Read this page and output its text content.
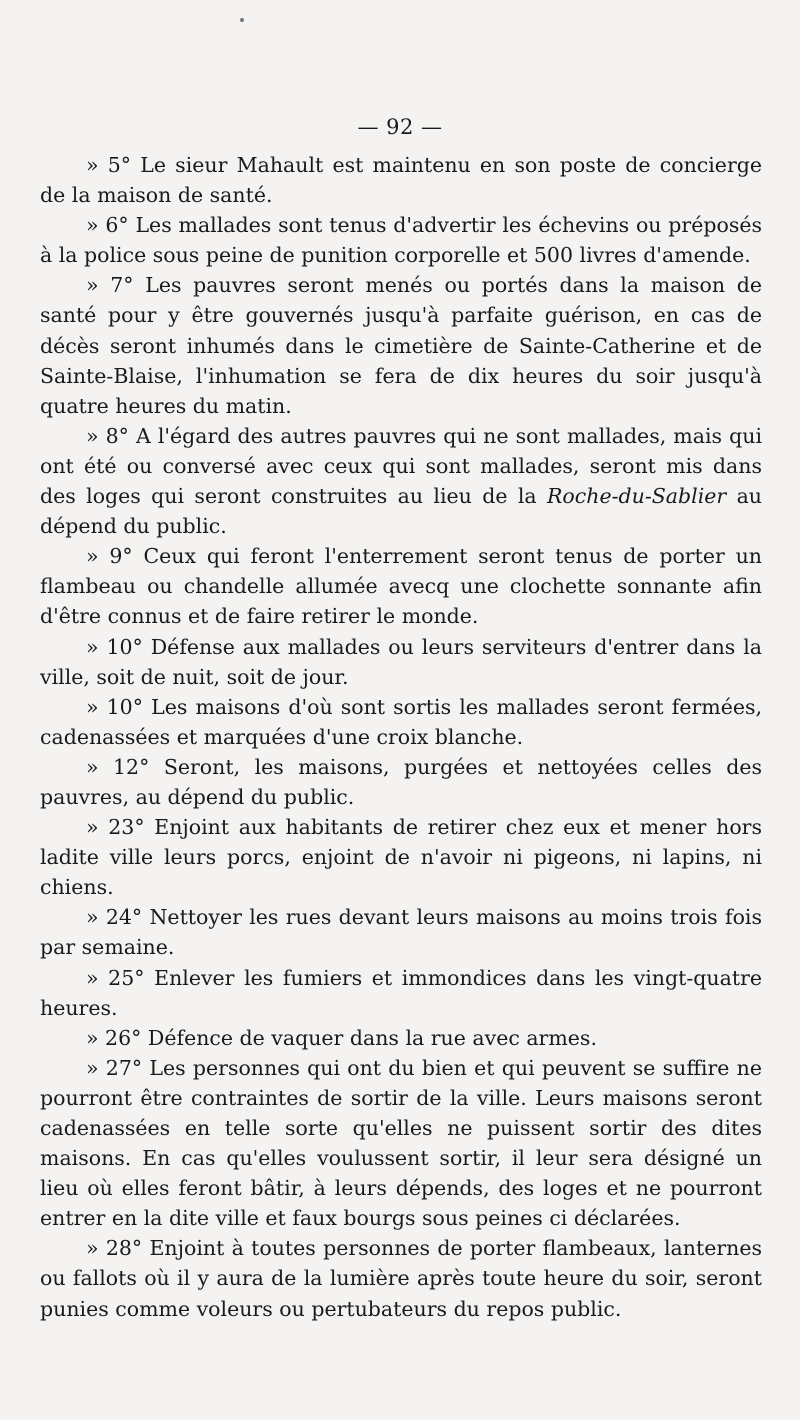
— 92 —

» 5° Le sieur Mahault est maintenu en son poste de concierge de la maison de santé.

» 6° Les mallades sont tenus d'advertir les échevins ou préposés à la police sous peine de punition corporelle et 500 livres d'amende.

» 7° Les pauvres seront menés ou portés dans la maison de santé pour y être gouvernés jusqu'à parfaite guérison, en cas de décès seront inhumés dans le cimetière de Sainte-Catherine et de Sainte-Blaise, l'inhumation se fera de dix heures du soir jusqu'à quatre heures du matin.

» 8° A l'égard des autres pauvres qui ne sont mallades, mais qui ont été ou conversé avec ceux qui sont mallades, seront mis dans des loges qui seront construites au lieu de la Roche-du-Sablier au dépend du public.

» 9° Ceux qui feront l'enterrement seront tenus de porter un flambeau ou chandelle allumée avecq une clochette sonnante afin d'être connus et de faire retirer le monde.

» 10° Défense aux mallades ou leurs serviteurs d'entrer dans la ville, soit de nuit, soit de jour.

» 10° Les maisons d'où sont sortis les mallades seront fermées, cadenassées et marquées d'une croix blanche.

» 12° Seront, les maisons, purgées et nettoyées celles des pauvres, au dépend du public.

» 23° Enjoint aux habitants de retirer chez eux et mener hors ladite ville leurs porcs, enjoint de n'avoir ni pigeons, ni lapins, ni chiens.

» 24° Nettoyer les rues devant leurs maisons au moins trois fois par semaine.

» 25° Enlever les fumiers et immondices dans les vingt-quatre heures.

» 26° Défence de vaquer dans la rue avec armes.

» 27° Les personnes qui ont du bien et qui peuvent se suffire ne pourront être contraintes de sortir de la ville. Leurs maisons seront cadenassées en telle sorte qu'elles ne puissent sortir des dites maisons. En cas qu'elles voulussent sortir, il leur sera désigné un lieu où elles feront bâtir, à leurs dépends, des loges et ne pourront entrer en la dite ville et faux bourgs sous peines ci déclarées.

» 28° Enjoint à toutes personnes de porter flambeaux, lanternes ou fallots où il y aura de la lumière après toute heure du soir, seront punies comme voleurs ou pertubateurs du repos public.
